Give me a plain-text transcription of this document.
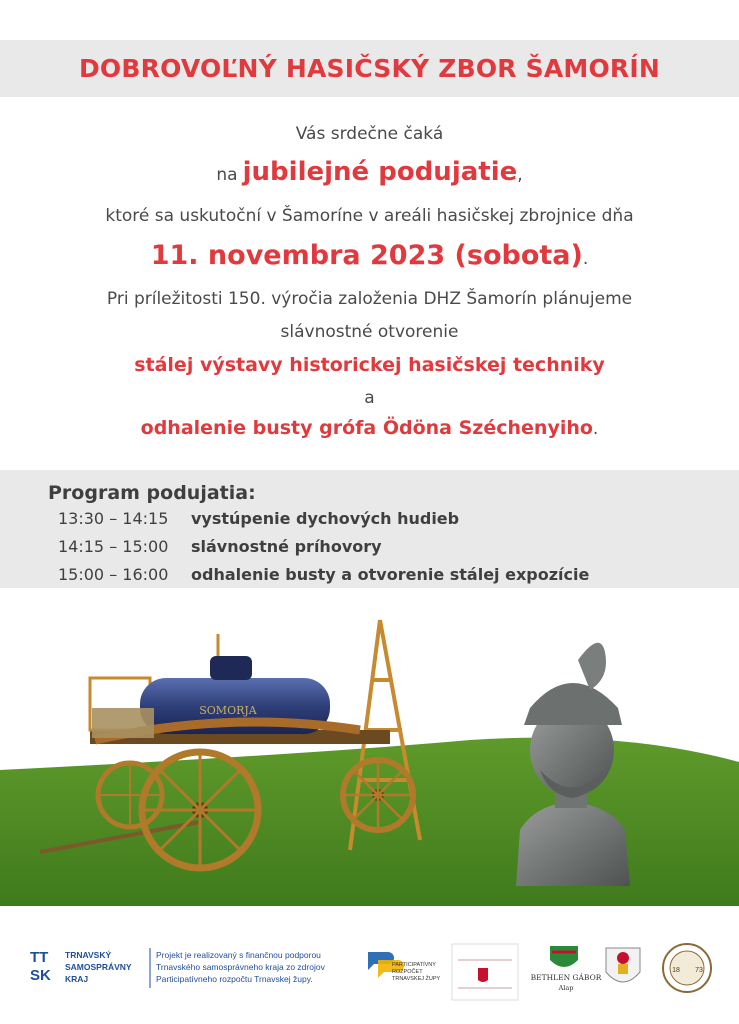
DOBROVOĽNÝ HASIČSKÝ ZBOR ŠAMORÍN
Vás srdečne čaká
na jubilejné podujatie,
ktoré sa uskutoční v Šamoríne v areáli hasičskej zbrojnice dňa
11. novembra 2023 (sobota).
Pri príležitosti 150. výročia založenia DHZ Šamorín plánujeme
slávnostné otvorenie
stálej výstavy historickej hasičskej techniky
a
odhalenie busty grófa Ödöna Széchenyiho.
Program podujatia:
13:30 – 14:15 vystúpenie dychových hudieb
14:15 – 15:00 slávnostné príhovory
15:00 – 16:00 odhalenie busty a otvorenie stálej expozície
SOMORJA
TT
SK
TRNAVSKÝ
SAMOSPRÁVNY
KRAJ
Projekt je realizovaný s finančnou podporou
Trnavského samosprávneho kraja zo zdrojov
Participatívneho rozpočtu Trnavskej župy.
PARTICIPATÍVNY
ROZPOČET
TRNAVSKEJ ŽUPY	BETHLEN GÁBOR
Alap
18 73
